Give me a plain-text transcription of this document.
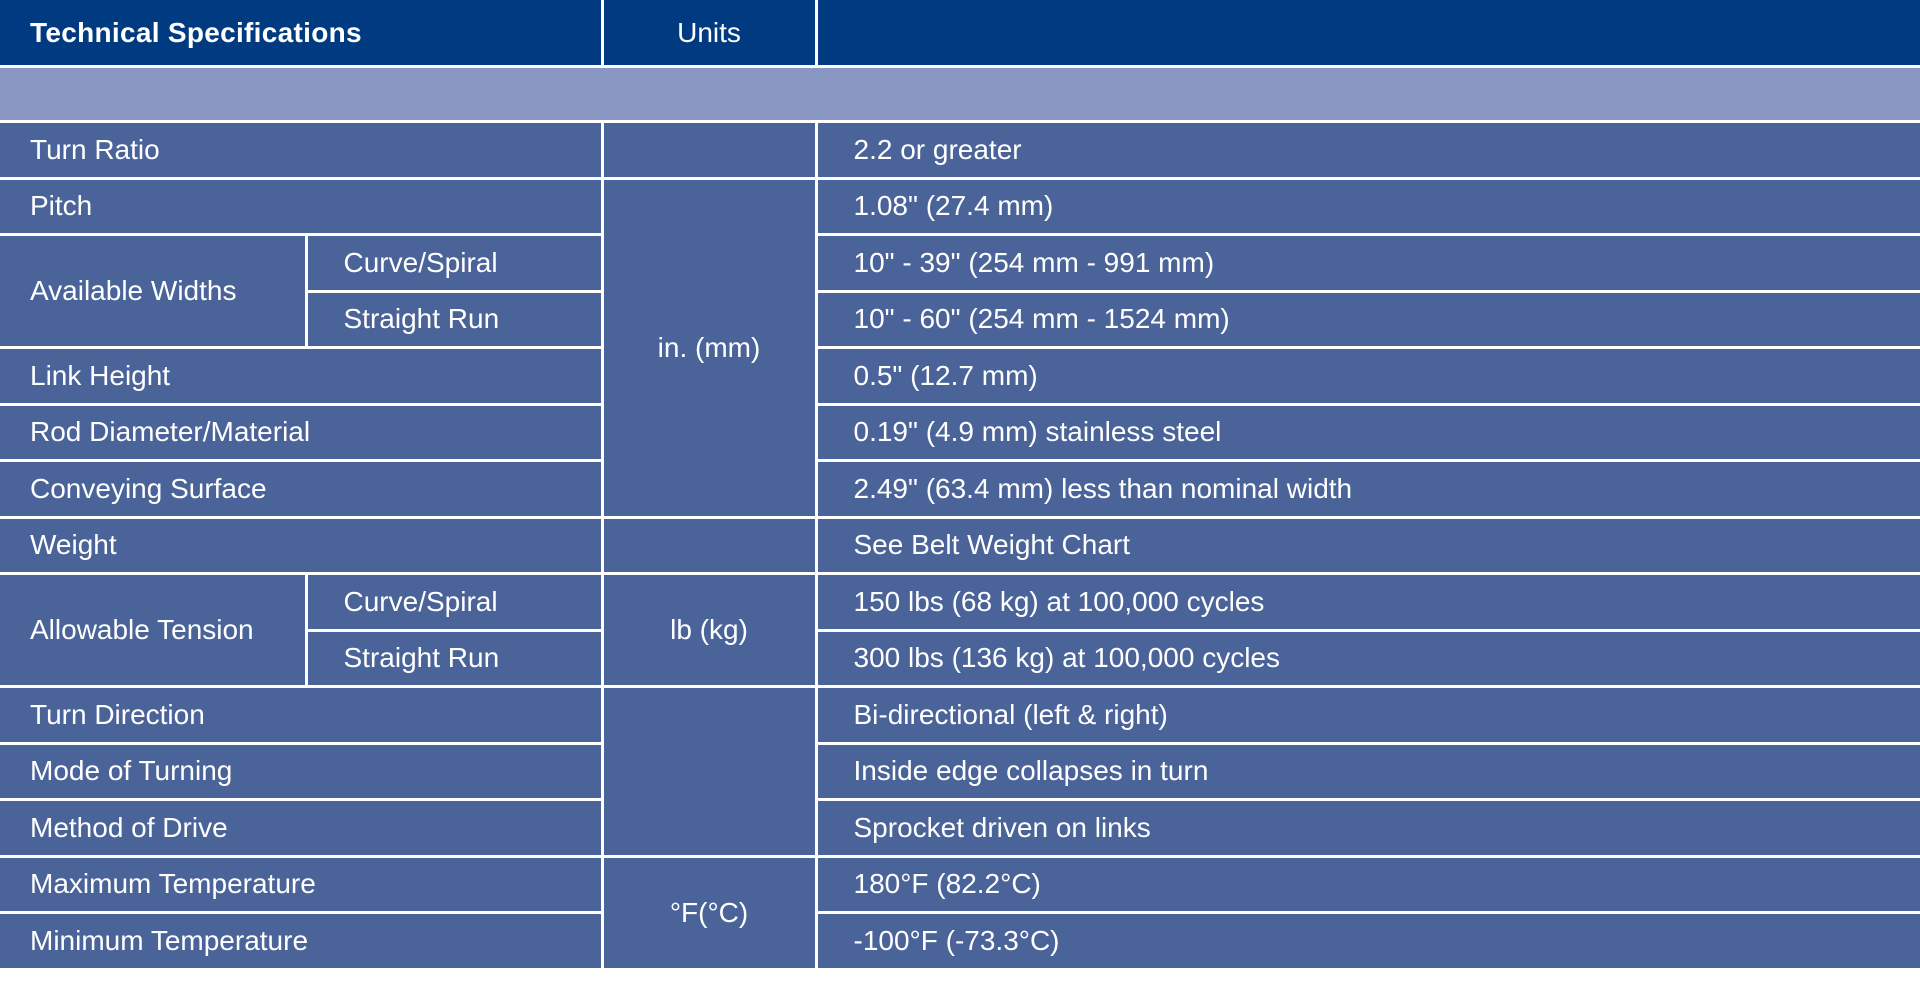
Technical Specifications		Units	

Turn Ratio			2.2 or greater
Pitch		in. (mm)	1.08" (27.4 mm)
Available Widths	Curve/Spiral		10" - 39" (254 mm - 991 mm)
	Straight Run		10" - 60" (254 mm - 1524 mm)
Link Height			0.5" (12.7 mm)
Rod Diameter/Material			0.19" (4.9 mm) stainless steel
Conveying Surface			2.49" (63.4 mm) less than nominal width
Weight			See Belt Weight Chart
Allowable Tension	Curve/Spiral	lb (kg)	150 lbs (68 kg) at 100,000 cycles
	Straight Run		300 lbs (136 kg) at 100,000 cycles
Turn Direction			Bi-directional (left & right)
Mode of Turning			Inside edge collapses in turn
Method of Drive			Sprocket driven on links
Maximum Temperature		°F(°C)	180°F (82.2°C)
Minimum Temperature			-100°F (-73.3°C)
